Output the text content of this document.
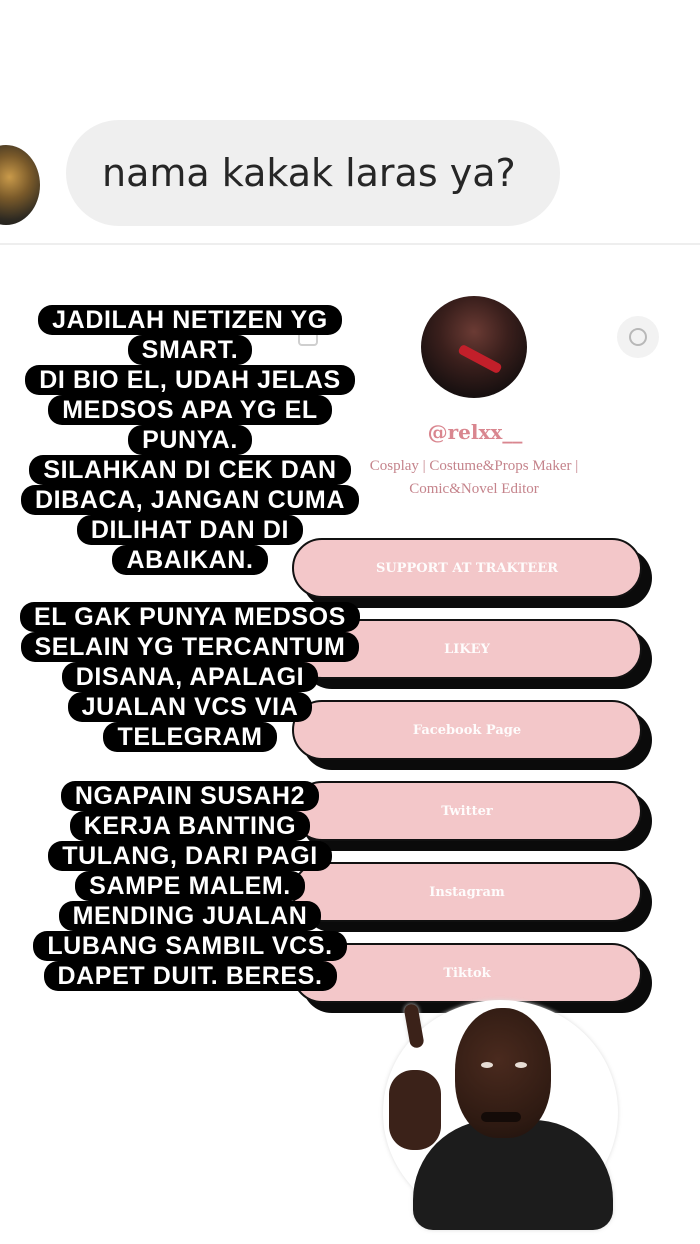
nama kakak laras ya?
@relxx__
Cosplay | Costume&Props Maker |
Comic&Novel Editor
SUPPORT AT TRAKTEER
LIKEY
Facebook Page
Twitter
Instagram
Tiktok
JADILAH NETIZEN YG
SMART.
DI BIO EL, UDAH JELAS
MEDSOS APA YG EL
PUNYA.
SILAHKAN DI CEK DAN
DIBACA, JANGAN CUMA
DILIHAT DAN DI
ABAIKAN.
EL GAK PUNYA MEDSOS
SELAIN YG TERCANTUM
DISANA, APALAGI
JUALAN VCS VIA
TELEGRAM
NGAPAIN SUSAH2
KERJA BANTING
TULANG, DARI PAGI
SAMPE MALEM.
MENDING JUALAN
LUBANG SAMBIL VCS.
DAPET DUIT. BERES.
